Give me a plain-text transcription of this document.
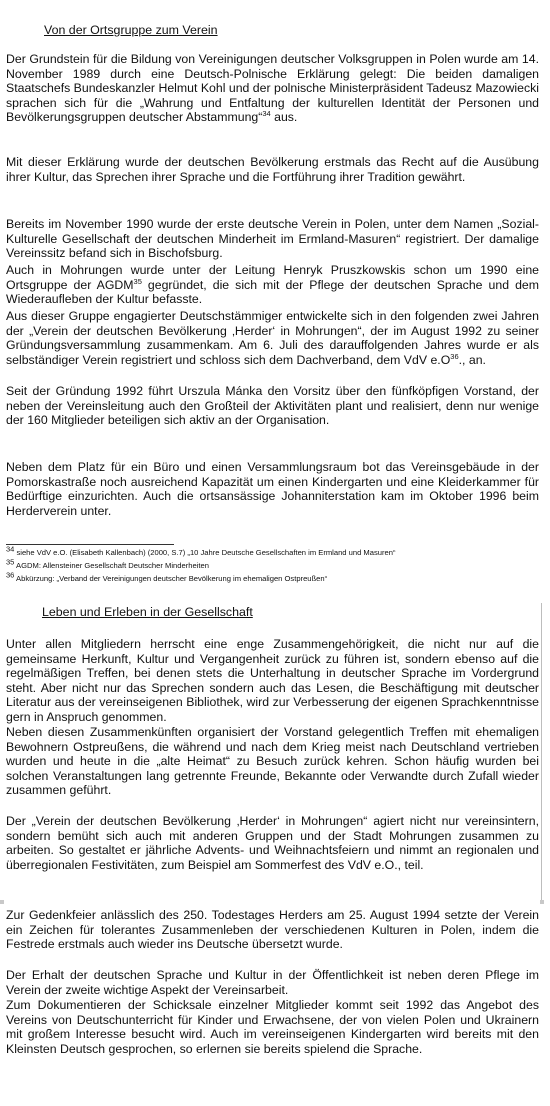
Von der Ortsgruppe zum Verein

Der Grundstein für die Bildung von Vereinigungen deutscher Volksgruppen in Polen wurde am 14. November 1989 durch eine Deutsch-Polnische Erklärung gelegt: Die beiden damaligen Staatschefs Bundeskanzler Helmut Kohl und der polnische Ministerpräsident Tadeusz Mazowiecki sprachen sich für die „Wahrung und Entfaltung der kulturellen Identität der Personen und Bevölkerungsgruppen deutscher Abstammung“$^{34}$ aus.

Mit dieser Erklärung wurde der deutschen Bevölkerung erstmals das Recht auf die Ausübung ihrer Kultur, das Sprechen ihrer Sprache und die Fortführung ihrer Tradition gewährt.

Bereits im November 1990 wurde der erste deutsche Verein in Polen, unter dem Namen „Sozial-Kulturelle Gesellschaft der deutschen Minderheit im Ermland-Masuren“ registriert. Der damalige Vereinssitz befand sich in Bischofsburg.

Auch in Mohrungen wurde unter der Leitung Henryk Pruszkowskis schon um 1990 eine Ortsgruppe der AGDM$^{35}$ gegründet, die sich mit der Pflege der deutschen Sprache und dem Wiederaufleben der Kultur befasste.

Aus dieser Gruppe engagierter Deutschstämmiger entwickelte sich in den folgenden zwei Jahren der „Verein der deutschen Bevölkerung ‚Herder‘ in Mohrungen“, der im August 1992 zu seiner Gründungsversammlung zusammenkam. Am 6. Juli des darauffolgenden Jahres wurde er als selbständiger Verein registriert und schloss sich dem Dachverband, dem VdV $e.O^{36}$., an.

Seit der Gründung 1992 führt Urszula Mánka den Vorsitz über den fünfköpfigen Vorstand, der neben der Vereinsleitung auch den Großteil der Aktivitäten plant und realisiert, denn nur wenige der 160 Mitglieder beteiligen sich aktiv an der Organisation.

Neben dem Platz für ein Büro und einen Versammlungsraum bot das Vereinsgebäude in der Pomorskastraße noch ausreichend Kapazität um einen Kindergarten und eine Kleiderkammer für Bedürftige einzurichten. Auch die ortsansässige Johanniterstation kam im Oktober 1996 beim Herderverein unter.

$^{34}$ siehe VdV e.O. (Elisabeth Kallenbach) (2000, S.7) „10 Jahre Deutsche Gesellschaften im Ermland und Masuren“
$^{35}$ AGDM: Allensteiner Gesellschaft Deutscher Minderheiten
$^{36}$ Abkürzung: „Verband der Vereinigungen deutscher Bevölkerung im ehemaligen Ostpreußen“
Leben und Erleben in der Gesellschaft

Unter allen Mitgliedern herrscht eine enge Zusammengehörigkeit, die nicht nur auf die gemeinsame Herkunft, Kultur und Vergangenheit zurück zu führen ist, sondern ebenso auf die regelmäßigen Treffen, bei denen stets die Unterhaltung in deutscher Sprache im Vordergrund steht. Aber nicht nur das Sprechen sondern auch das Lesen, die Beschäftigung mit deutscher Literatur aus der vereinseigenen Bibliothek, wird zur Verbesserung der eigenen Sprachkenntnisse gern in Anspruch genommen.

Neben diesen Zusammenkünften organisiert der Vorstand gelegentlich Treffen mit ehemaligen Bewohnern Ostpreußens, die während und nach dem Krieg meist nach Deutschland vertrieben wurden und heute in die „alte Heimat“ zu Besuch zurück kehren. Schon häufig wurden bei solchen Veranstaltungen lang getrennte Freunde, Bekannte oder Verwandte durch Zufall wieder zusammen geführt.

Der „Verein der deutschen Bevölkerung ‚Herder‘ in Mohrungen“ agiert nicht nur vereinsintern, sondern bemüht sich auch mit anderen Gruppen und der Stadt Mohrungen zusammen zu arbeiten. So gestaltet er jährliche Advents- und Weihnachtsfeiern und nimmt an regionalen und überregionalen Festivitäten, zum Beispiel am Sommerfest des VdV e.O., teil.

Zur Gedenkfeier anlässlich des 250. Todestages Herders am 25. August 1994 setzte der Verein ein Zeichen für tolerantes Zusammenleben der verschiedenen Kulturen in Polen, indem die Festrede erstmals auch wieder ins Deutsche übersetzt wurde.

Der Erhalt der deutschen Sprache und Kultur in der Öffentlichkeit ist neben deren Pflege im Verein der zweite wichtige Aspekt der Vereinsarbeit.

Zum Dokumentieren der Schicksale einzelner Mitglieder kommt seit 1992 das Angebot des Vereins von Deutschunterricht für Kinder und Erwachsene, der von vielen Polen und Ukrainern mit großem Interesse besucht wird. Auch im vereinseigenen Kindergarten wird bereits mit den Kleinsten Deutsch gesprochen, so erlernen sie bereits spielend die Sprache.
